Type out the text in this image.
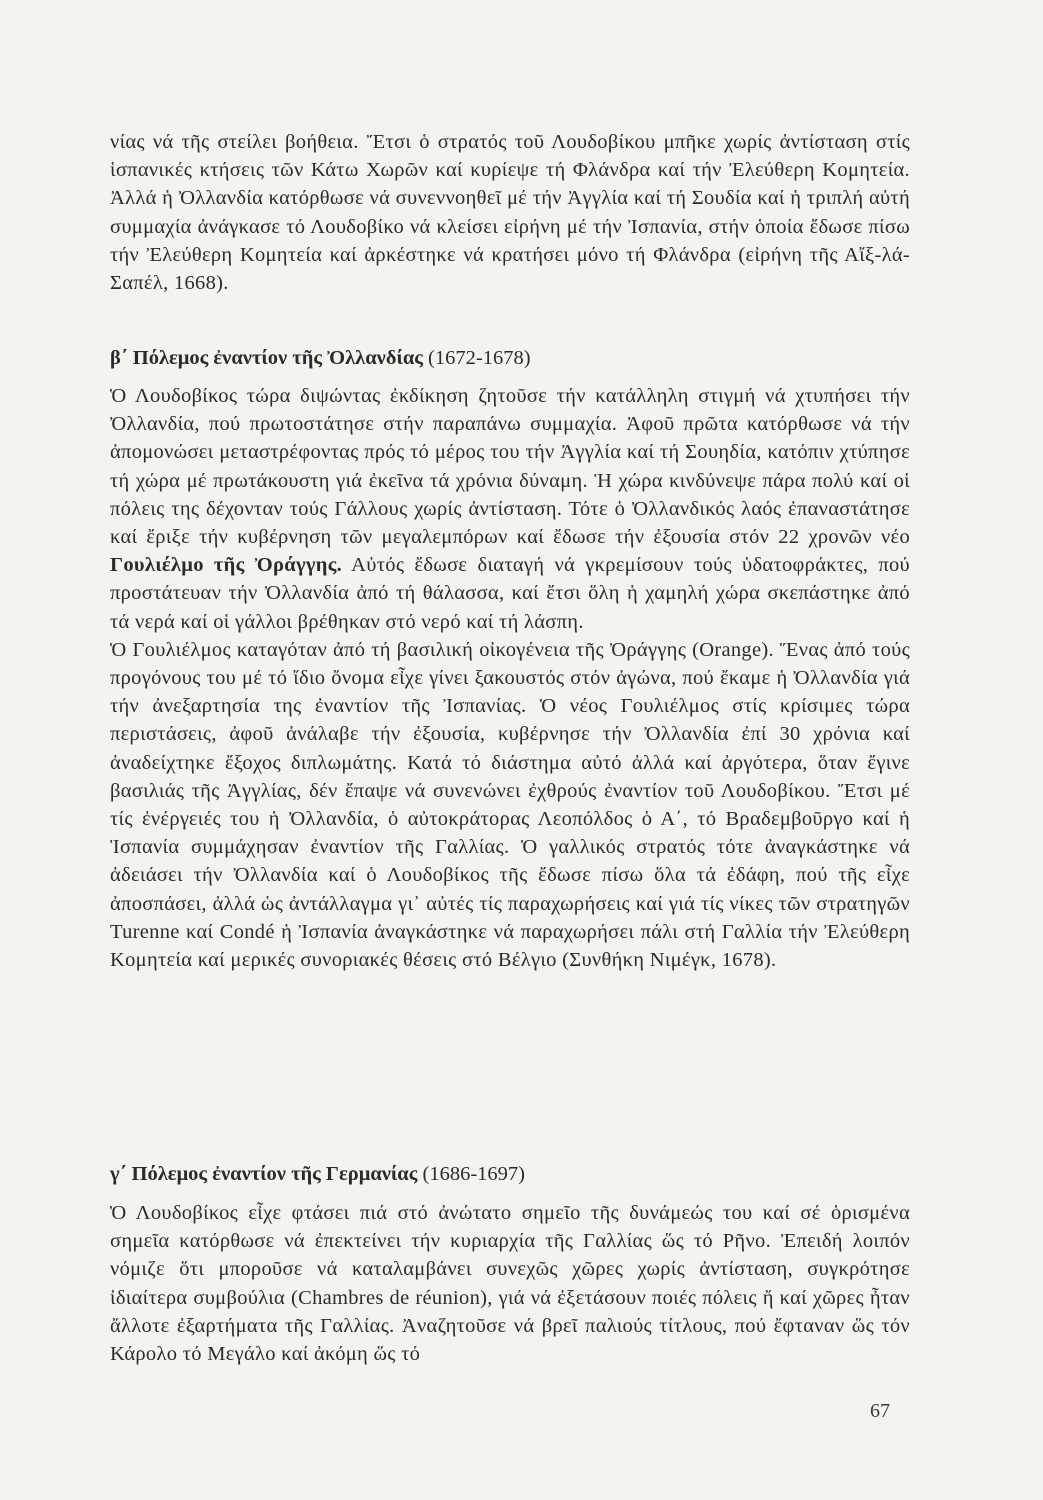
νίας νά τῆς στείλει βοήθεια. Ἔτσι ὁ στρατός τοῦ Λουδοβίκου μπῆκε χωρίς ἀντίσταση στίς ἱσπανικές κτήσεις τῶν Κάτω Χωρῶν καί κυρίεψε τή Φλάνδρα καί τήν Ἐλεύθερη Κομητεία. Ἀλλά ἡ Ὀλλανδία κατόρθωσε νά συνεννοηθεῖ μέ τήν Ἀγγλία καί τή Σουδία καί ἡ τριπλή αὐτή συμμαχία ἀνάγκασε τό Λουδοβίκο νά κλείσει εἰρήνη μέ τήν Ἰσπανία, στήν ὁποία ἔδωσε πίσω τήν Ἐλεύθερη Κομητεία καί ἀρκέστηκε νά κρατήσει μόνο τή Φλάνδρα (εἰρήνη τῆς Αἴξ-λά-Σαπέλ, 1668).

β΄ Πόλεμος ἐναντίον τῆς Ὀλλανδίας (1672-1678)

Ὁ Λουδοβίκος τώρα διψώντας ἐκδίκηση ζητοῦσε τήν κατάλληλη στιγμή νά χτυπήσει τήν Ὀλλανδία, πού πρωτοστάτησε στήν παραπάνω συμμαχία. Ἀφοῦ πρῶτα κατόρθωσε νά τήν ἀπομονώσει μεταστρέφοντας πρός τό μέρος του τήν Ἀγγλία καί τή Σουηδία, κατόπιν χτύπησε τή χώρα μέ πρωτάκουστη γιά ἐκεῖνα τά χρόνια δύναμη. Ἡ χώρα κινδύνεψε πάρα πολύ καί οἱ πόλεις της δέχονταν τούς Γάλλους χωρίς ἀντίσταση. Τότε ὁ Ὀλλανδικός λαός ἐπαναστάτησε καί ἔριξε τήν κυβέρνηση τῶν μεγαλεμπόρων καί ἔδωσε τήν ἐξουσία στόν 22 χρονῶν νέο Γουλιέλμο τῆς Ὀράγγης. Αὐτός ἔδωσε διαταγή νά γκρεμίσουν τούς ὑδατοφράκτες, πού προστάτευαν τήν Ὀλλανδία ἀπό τή θάλασσα, καί ἔτσι ὅλη ἡ χαμηλή χώρα σκεπάστηκε ἀπό τά νερά καί οἱ γάλλοι βρέθηκαν στό νερό καί τή λάσπη.

Ὁ Γουλιέλμος καταγόταν ἀπό τή βασιλική οἰκογένεια τῆς Ὀράγγης (Orange). Ἕνας ἀπό τούς προγόνους του μέ τό ἴδιο ὄνομα εἶχε γίνει ξακουστός στόν ἀγώνα, πού ἔκαμε ἡ Ὀλλανδία γιά τήν ἀνεξαρτησία της ἐναντίον τῆς Ἰσπανίας. Ὁ νέος Γουλιέλμος στίς κρίσιμες τώρα περιστάσεις, ἀφοῦ ἀνάλαβε τήν ἐξουσία, κυβέρνησε τήν Ὀλλανδία ἐπί 30 χρόνια καί ἀναδείχτηκε ἔξοχος διπλωμάτης. Κατά τό διάστημα αὐτό ἀλλά καί ἀργότερα, ὅταν ἔγινε βασιλιάς τῆς Ἀγγλίας, δέν ἔπαψε νά συνενώνει ἐχθρούς ἐναντίον τοῦ Λουδοβίκου. Ἔτσι μέ τίς ἐνέργειές του ἡ Ὀλλανδία, ὁ αὐτοκράτορας Λεοπόλδος ὁ Α΄, τό Βραδεμβοῦργο καί ἡ Ἰσπανία συμμάχησαν ἐναντίον τῆς Γαλλίας. Ὁ γαλλικός στρατός τότε ἀναγκάστηκε νά ἀδειάσει τήν Ὀλλανδία καί ὁ Λουδοβίκος τῆς ἔδωσε πίσω ὅλα τά ἐδάφη, πού τῆς εἶχε ἀποσπάσει, ἀλλά ὡς ἀντάλλαγμα γι᾿ αὐτές τίς παραχωρήσεις καί γιά τίς νίκες τῶν στρατηγῶν Turenne καί Condé ἡ Ἰσπανία ἀναγκάστηκε νά παραχωρήσει πάλι στή Γαλλία τήν Ἐλεύθερη Κομητεία καί μερικές συνοριακές θέσεις στό Βέλγιο (Συνθήκη Νιμέγκ, 1678).

γ΄ Πόλεμος ἐναντίον τῆς Γερμανίας (1686-1697)

Ὁ Λουδοβίκος εἶχε φτάσει πιά στό ἀνώτατο σημεῖο τῆς δυνάμεώς του καί σέ ὁρισμένα σημεῖα κατόρθωσε νά ἐπεκτείνει τήν κυριαρχία τῆς Γαλλίας ὥς τό Ρῆνο. Ἐπειδή λοιπόν νόμιζε ὅτι μποροῦσε νά καταλαμβάνει συνεχῶς χῶρες χωρίς ἀντίσταση, συγκρότησε ἰδιαίτερα συμβούλια (Chambres de réunion), γιά νά ἐξετάσουν ποιές πόλεις ἤ καί χῶρες ἦταν ἄλλοτε ἐξαρτήματα τῆς Γαλλίας. Ἀναζητοῦσε νά βρεῖ παλιούς τίτλους, πού ἔφταναν ὥς τόν Κάρολο τό Μεγάλο καί ἀκόμη ὥς τό

67
